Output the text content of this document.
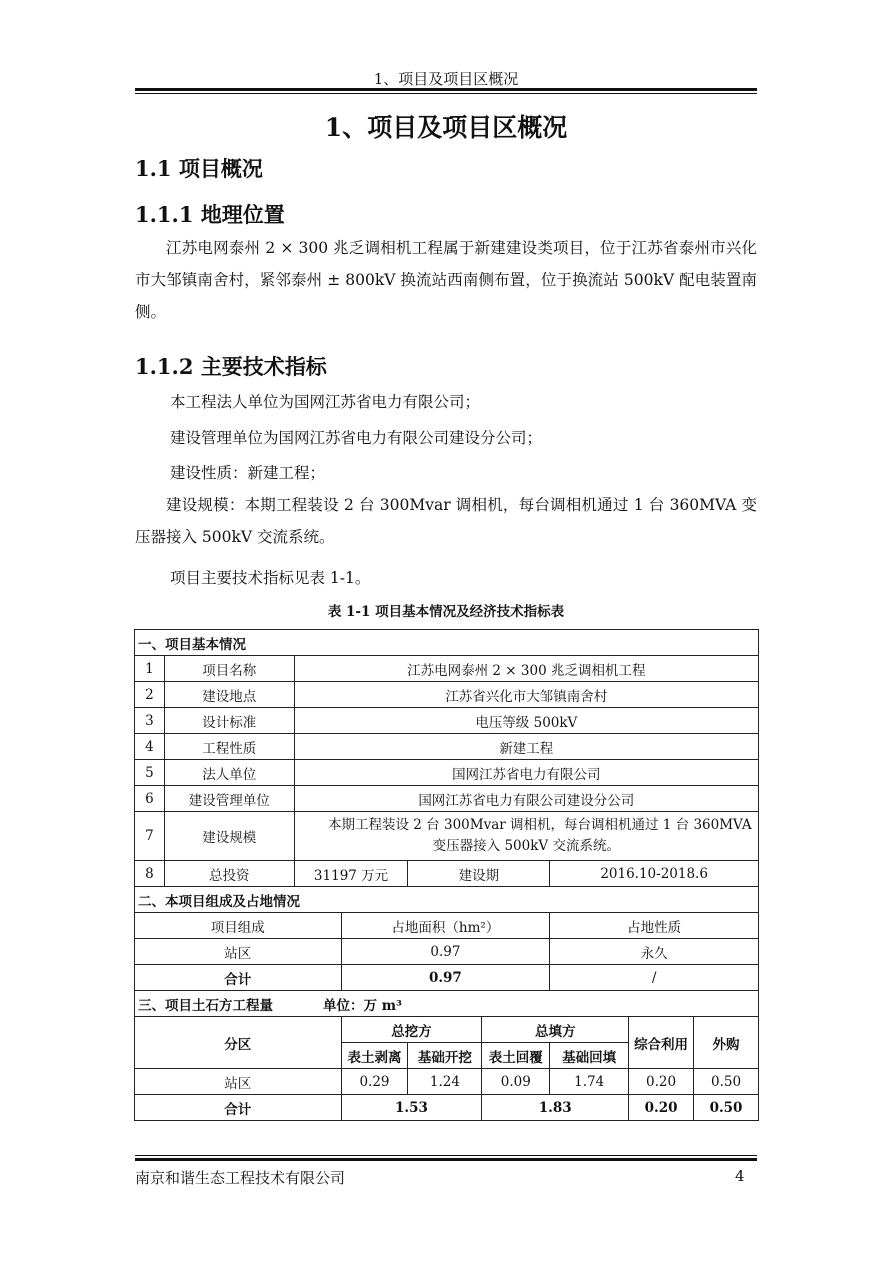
1、项目及项目区概况
1、项目及项目区概况
1.1 项目概况
1.1.1 地理位置

江苏电网泰州 2 × 300 兆乏调相机工程属于新建建设类项目，位于江苏省泰州市兴化市大邹镇南舍村，紧邻泰州 ± 800kV 换流站西南侧布置，位于换流站 500kV 配电装置南侧。

1.1.2 主要技术指标
本工程法人单位为国网江苏省电力有限公司；
建设管理单位为国网江苏省电力有限公司建设分公司；
建设性质：新建工程；

建设规模：本期工程装设 2 台 300Mvar 调相机，每台调相机通过 1 台 360MVA 变压器接入 500kV 交流系统。

项目主要技术指标见表 1-1。
表 1-1 项目基本情况及经济技术指标表
一、项目基本情况								
1	项目名称	江苏电网泰州 2 × 300 兆乏调相机工程						
2	建设地点	江苏省兴化市大邹镇南舍村						
3	设计标准	电压等级 500kV						
4	工程性质	新建工程						
5	法人单位	国网江苏省电力有限公司						
6	建设管理单位	国网江苏省电力有限公司建设分公司						
7	建设规模	本期工程装设 2 台 300Mvar 调相机，每台调相机通过 1 台 360MVA 变压器接入 500kV 交流系统。						
8	总投资	31197 万元		建设期		2016.10-2018.6		
二、本项目组成及占地情况								
项目组成			占地面积（hm²）			占地性质		
站区			0.97			永久		
合计			0.97			/		
三、项目土石方工程量 单位：万 m³								
分区			总挖方		总填方		综合利用	外购
			表土剥离	基础开挖	表土回覆	基础回填		
站区			0.29	1.24	0.09	1.74	0.20	0.50
合计			1.53		1.83		0.20	0.50
南京和谐生态工程技术有限公司	4
